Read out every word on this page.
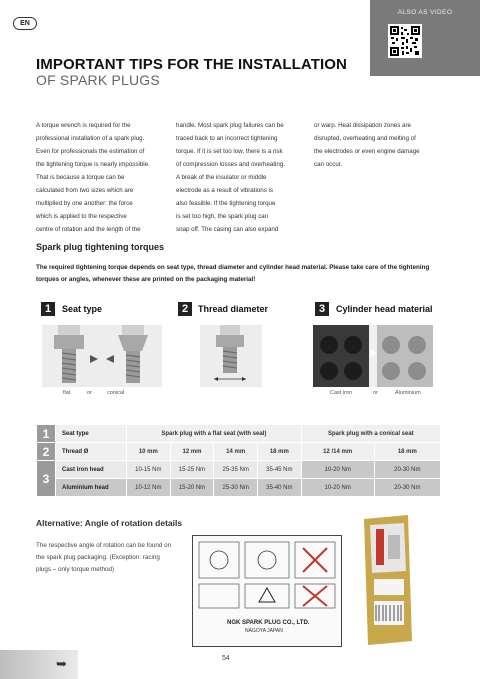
EN
ALSO AS VIDEO
IMPORTANT TIPS FOR THE INSTALLATION
OF SPARK PLUGS
A torque wrench is required for the
professional installation of a spark plug.
Even for professionals the estimation of
the tightening torque is nearly impossible.
That is because a torque can be
calculated from two sizes which are
multiplied by one another: the force
which is applied to the respective
centre of rotation and the length of the
handle. Most spark plug failures can be
traced back to an incorrect tightening
torque. If it is set too low, there is a risk
of compression losses and overheating.
A break of the insulator or middle
electrode as a result of vibrations is
also feasible. If the tightening torque
is set too high, the spark plug can
snap off. The casing can also expand
or warp. Heat dissipation zones are
disrupted, overheating and melting of
the electrodes or even engine damage
can occur.
Spark plug tightening torques
The required tightening torque depends on seat type, thread diameter and cylinder head material. Please take care of the tightening torques or angles, whenever these are printed on the packaging material!
1	Seat type	2	Thread diameter	3	Cylinder head material
flat	or	conical	Cast iron	or	Aluminium
1	Seat type	Spark plug with a flat seat (with seal)				Spark plug with a conical seat	
2	Thread Ø	10 mm	12 mm	14 mm	18 mm	12 /14 mm	18 mm
3	Cast iron head	10-15 Nm	15-25 Nm	25-35 Nm	35-45 Nm	10-20 Nm	20-30 Nm
	Aluminium head	10-12 Nm	15-20 Nm	25-30 Nm	35-40 Nm	10-20 Nm	20-30 Nm
Alternative: Angle of rotation details
The respective angle of rotation can be found on the spark plug packaging. (Exception: racing plugs – only torque method)
NGK SPARK PLUG CO., LTD.
NAGOYA JAPAN
➥	54
